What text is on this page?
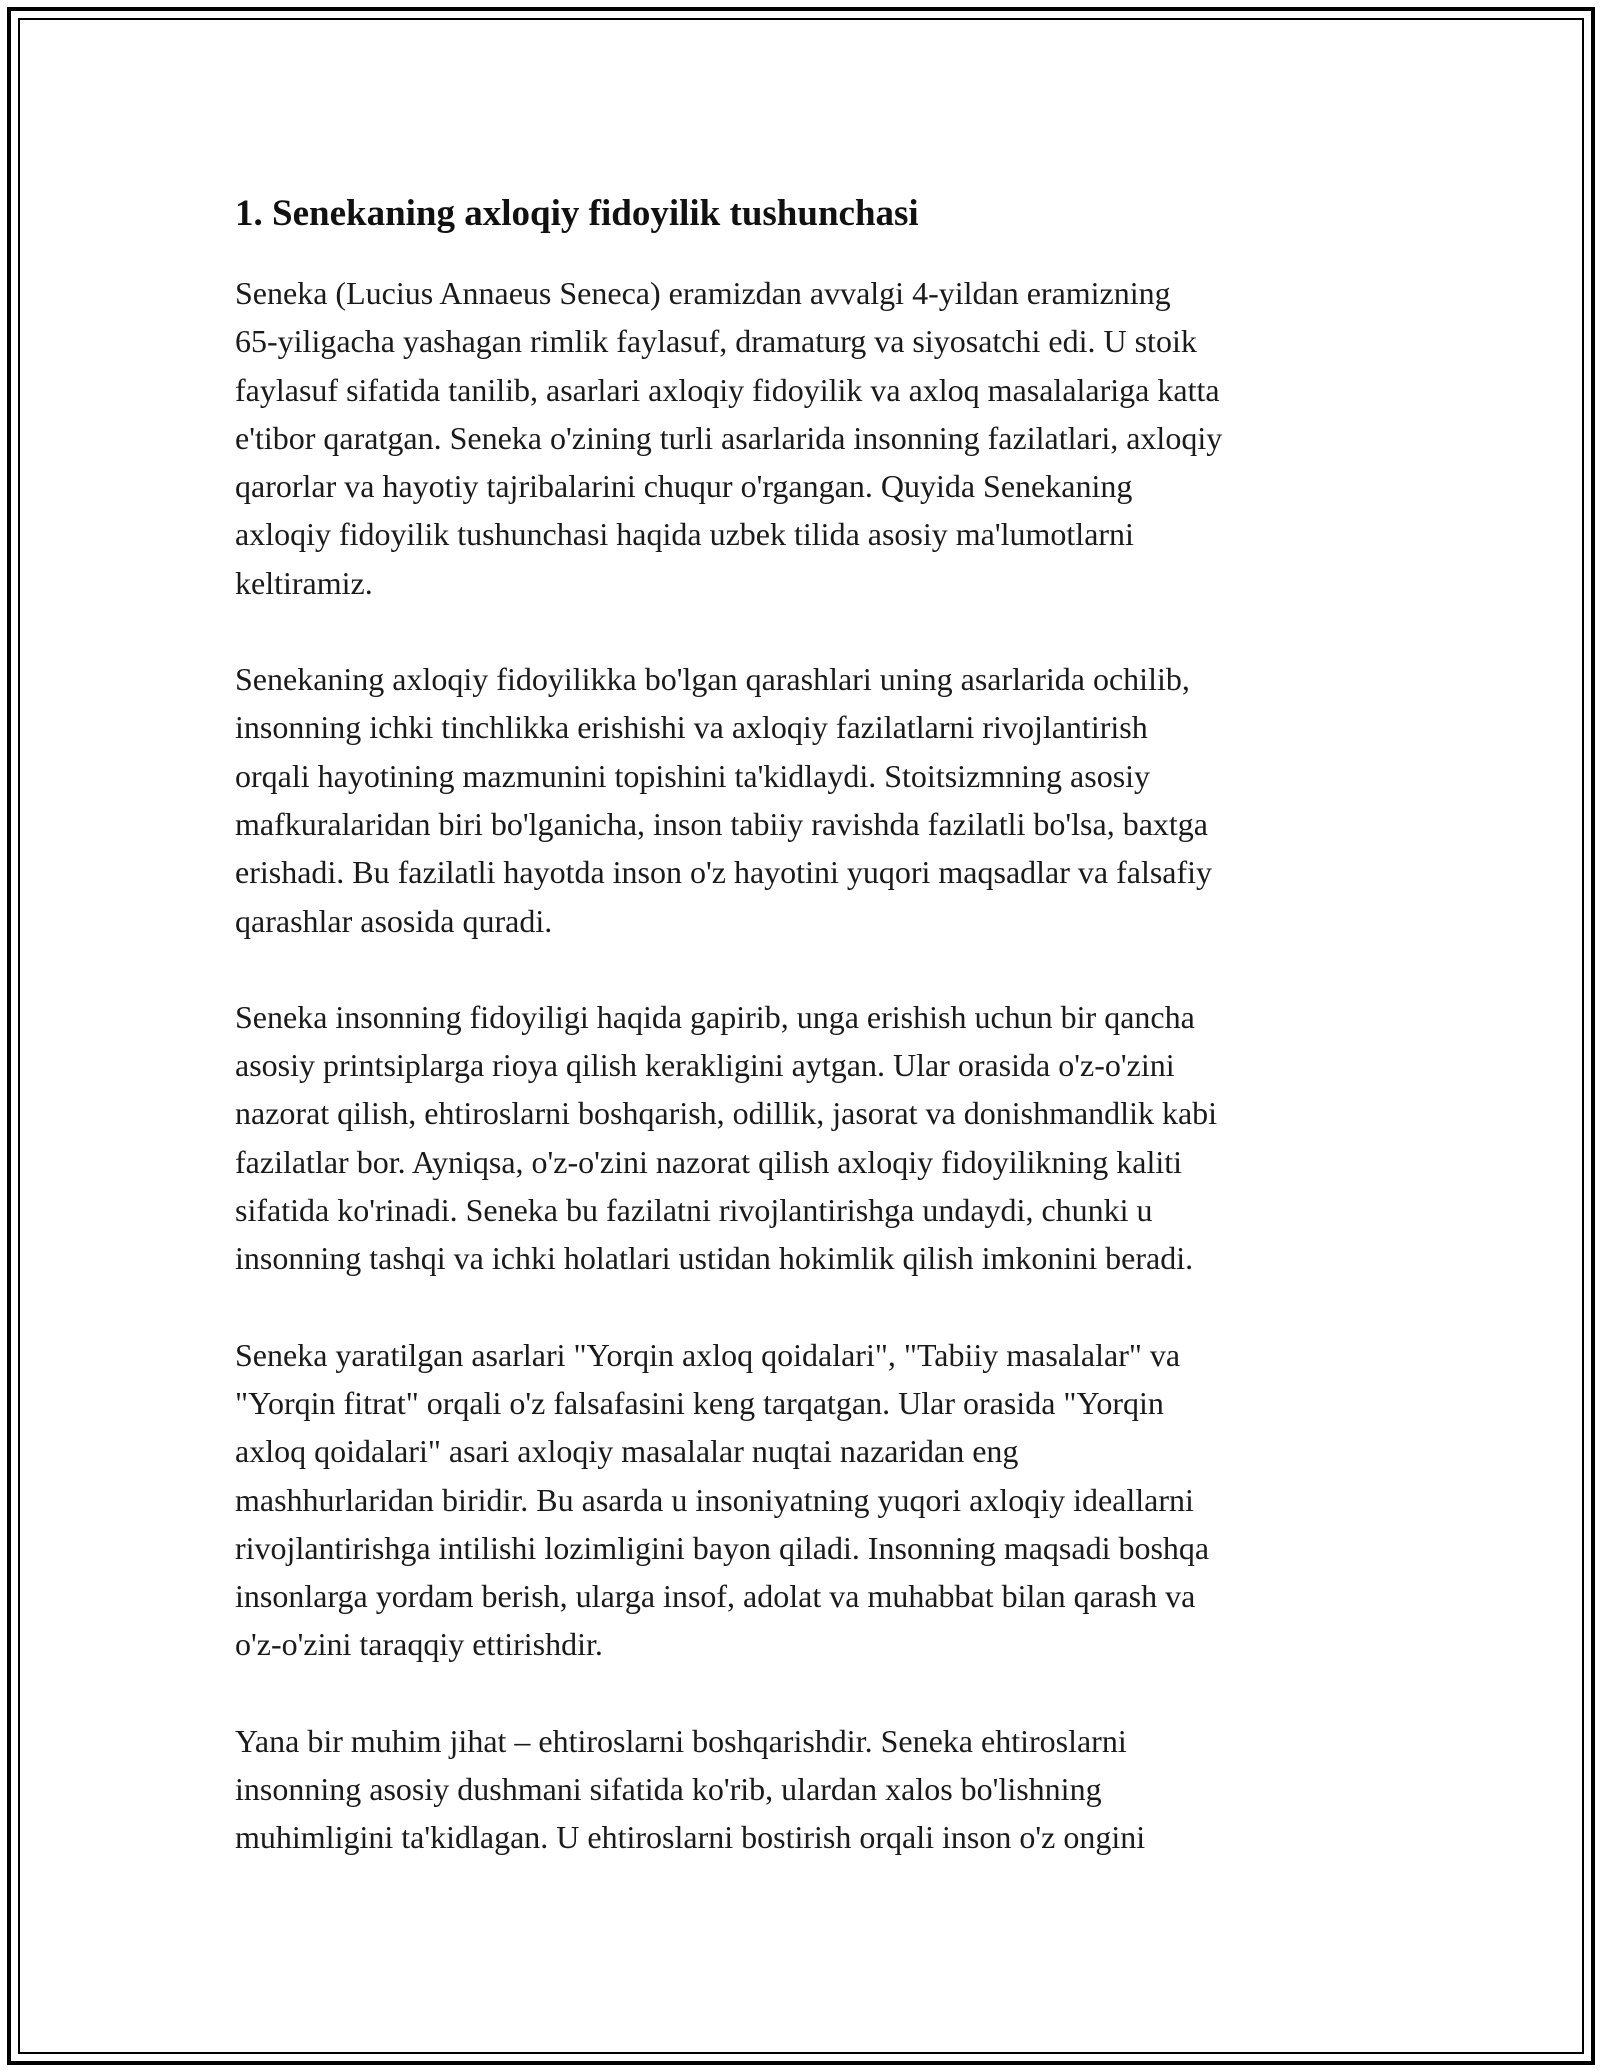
1. Senekaning axloqiy fidoyilik tushunchasi

Seneka (Lucius Annaeus Seneca) eramizdan avvalgi 4-yildan eramizning
65-yiligacha yashagan rimlik faylasuf, dramaturg va siyosatchi edi. U stoik
faylasuf sifatida tanilib, asarlari axloqiy fidoyilik va axloq masalalariga katta
e'tibor qaratgan. Seneka o'zining turli asarlarida insonning fazilatlari, axloqiy
qarorlar va hayotiy tajribalarini chuqur o'rgangan. Quyida Senekaning
axloqiy fidoyilik tushunchasi haqida uzbek tilida asosiy ma'lumotlarni
keltiramiz.

Senekaning axloqiy fidoyilikka bo'lgan qarashlari uning asarlarida ochilib,
insonning ichki tinchlikka erishishi va axloqiy fazilatlarni rivojlantirish
orqali hayotining mazmunini topishini ta'kidlaydi. Stoitsizmning asosiy
mafkuralaridan biri bo'lganicha, inson tabiiy ravishda fazilatli bo'lsa, baxtga
erishadi. Bu fazilatli hayotda inson o'z hayotini yuqori maqsadlar va falsafiy
qarashlar asosida quradi.

Seneka insonning fidoyiligi haqida gapirib, unga erishish uchun bir qancha
asosiy printsiplarga rioya qilish kerakligini aytgan. Ular orasida o'z-o'zini
nazorat qilish, ehtiroslarni boshqarish, odillik, jasorat va donishmandlik kabi
fazilatlar bor. Ayniqsa, o'z-o'zini nazorat qilish axloqiy fidoyilikning kaliti
sifatida ko'rinadi. Seneka bu fazilatni rivojlantirishga undaydi, chunki u
insonning tashqi va ichki holatlari ustidan hokimlik qilish imkonini beradi.

Seneka yaratilgan asarlari "Yorqin axloq qoidalari", "Tabiiy masalalar" va
"Yorqin fitrat" orqali o'z falsafasini keng tarqatgan. Ular orasida "Yorqin
axloq qoidalari" asari axloqiy masalalar nuqtai nazaridan eng
mashhurlaridan biridir. Bu asarda u insoniyatning yuqori axloqiy ideallarni
rivojlantirishga intilishi lozimligini bayon qiladi. Insonning maqsadi boshqa
insonlarga yordam berish, ularga insof, adolat va muhabbat bilan qarash va
o'z-o'zini taraqqiy ettirishdir.

Yana bir muhim jihat – ehtiroslarni boshqarishdir. Seneka ehtiroslarni
insonning asosiy dushmani sifatida ko'rib, ulardan xalos bo'lishning
muhimligini ta'kidlagan. U ehtiroslarni bostirish orqali inson o'z ongini
